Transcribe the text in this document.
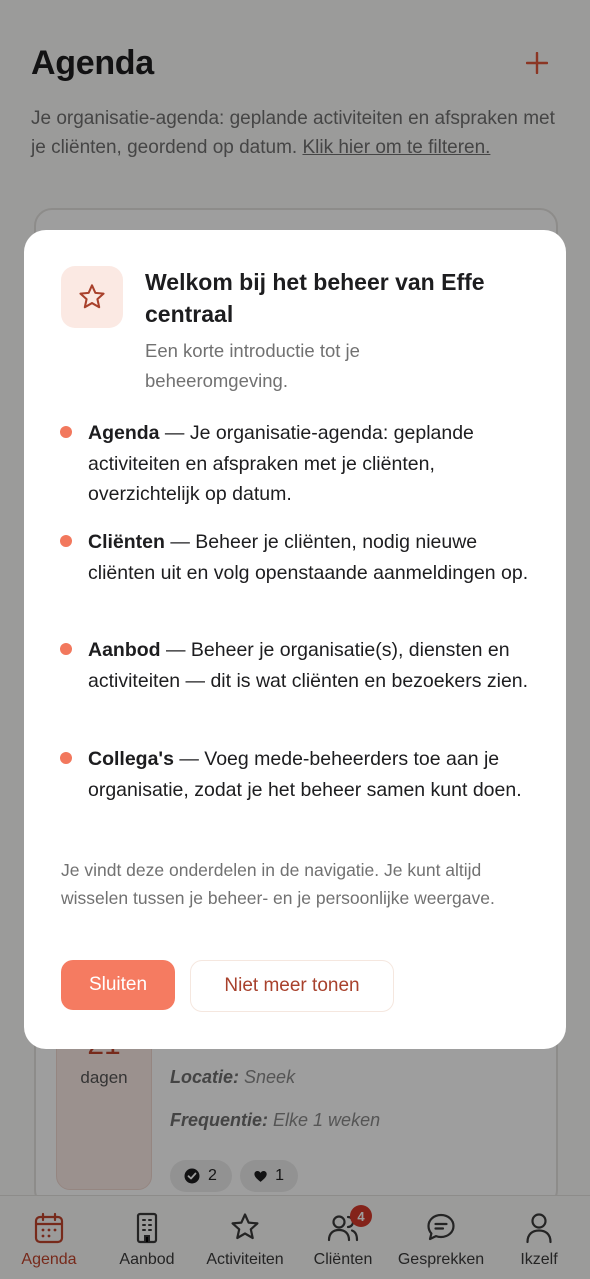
Agenda

Je organisatie-agenda: geplande activiteiten en afspraken met je cliënten, geordend op datum. Klik hier om te filteren.

dagen	Locatie: Sneek
Frequentie: Elke 1 weken
2	1
Agenda	Aanbod	Activiteiten	Cliënten	Gesprekken	Ikzelf
4
Welkom bij het beheer van Effe centraal

Een korte introductie tot je beheeromgeving.

Agenda — Je organisatie-agenda: geplande activiteiten en afspraken met je cliënten, overzichtelijk op datum.

Cliënten — Beheer je cliënten, nodig nieuwe cliënten uit en volg openstaande aanmeldingen op.

Aanbod — Beheer je organisatie(s), diensten en activiteiten — dit is wat cliënten en bezoekers zien.

Collega's — Voeg mede-beheerders toe aan je organisatie, zodat je het beheer samen kunt doen.

Je vindt deze onderdelen in de navigatie. Je kunt altijd wisselen tussen je beheer- en je persoonlijke weergave.

Sluiten	Niet meer tonen
